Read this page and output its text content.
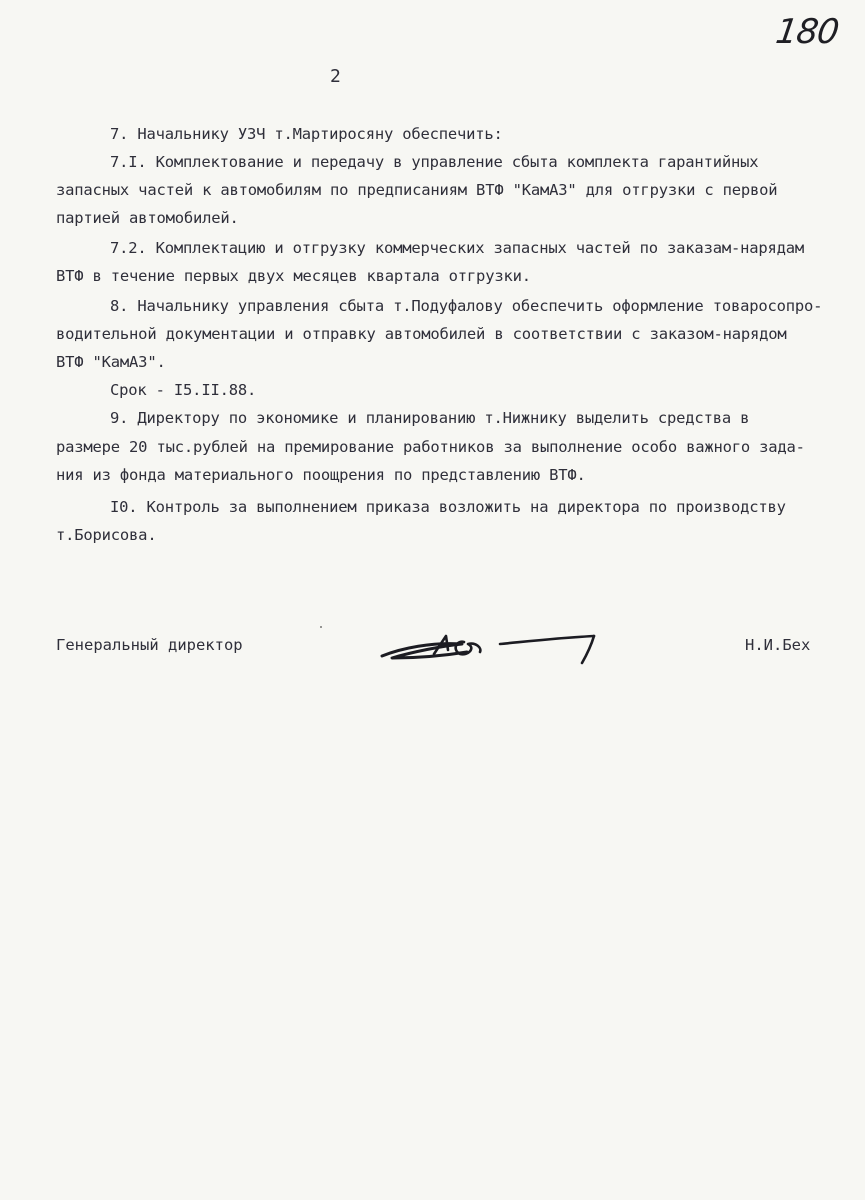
180
2
7. Начальнику УЗЧ т.Мартиросяну обеспечить:
7.I. Комплектование и передачу в управление сбыта комплекта гарантийных
запасных частей к автомобилям по предписаниям ВТФ "КамАЗ" для отгрузки с первой
партией автомобилей.
7.2. Комплектацию и отгрузку коммерческих запасных частей по заказам-нарядам
ВТФ в течение первых двух месяцев квартала отгрузки.
8. Начальнику управления сбыта т.Подуфалову обеспечить оформление товаросопро-
водительной документации и отправку автомобилей в соответствии с заказом-нарядом
ВТФ "КамАЗ".
Срок - I5.II.88.
9. Директору по экономике и планированию т.Нижнику выделить средства в
размере 20 тыс.рублей на премирование работников за выполнение особо важного зада-
ния из фонда материального поощрения по представлению ВТФ.
I0. Контроль за выполнением приказа возложить на директора по производству
т.Борисова.
Генеральный директор	Н.И.Бех
